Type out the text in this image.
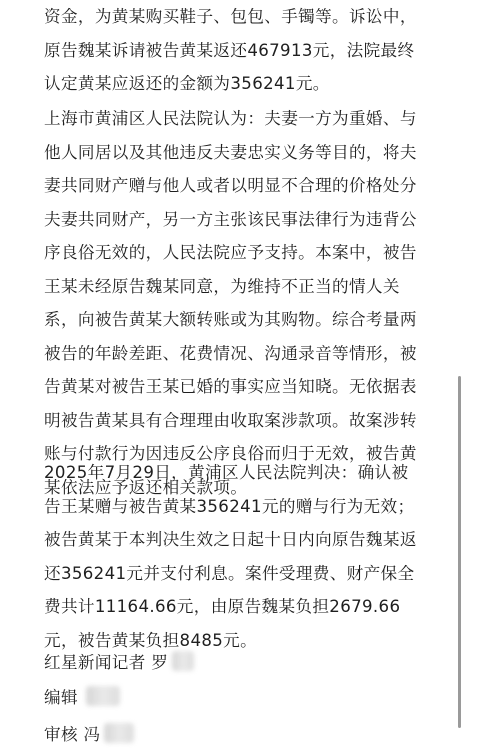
资金，为黄某购买鞋子、包包、手镯等。诉讼中，
原告魏某诉请被告黄某返还467913元，法院最终
认定黄某应返还的金额为356241元。

上海市黄浦区人民法院认为：夫妻一方为重婚、与
他人同居以及其他违反夫妻忠实义务等目的，将夫
妻共同财产赠与他人或者以明显不合理的价格处分
夫妻共同财产，另一方主张该民事法律行为违背公
序良俗无效的，人民法院应予支持。本案中，被告
王某未经原告魏某同意，为维持不正当的情人关
系，向被告黄某大额转账或为其购物。综合考量两
被告的年龄差距、花费情况、沟通录音等情形，被
告黄某对被告王某已婚的事实应当知晓。无依据表
明被告黄某具有合理理由收取案涉款项。故案涉转
账与付款行为因违反公序良俗而归于无效，被告黄
某依法应予返还相关款项。

2025年7月29日，黄浦区人民法院判决：确认被
告王某赠与被告黄某356241元的赠与行为无效；

被告黄某于本判决生效之日起十日内向原告魏某返
还356241元并支付利息。案件受理费、财产保全
费共计11164.66元，由原告魏某负担2679.66
元，被告黄某负担8485元。

红星新闻记者 罗
编辑
审核 冯
